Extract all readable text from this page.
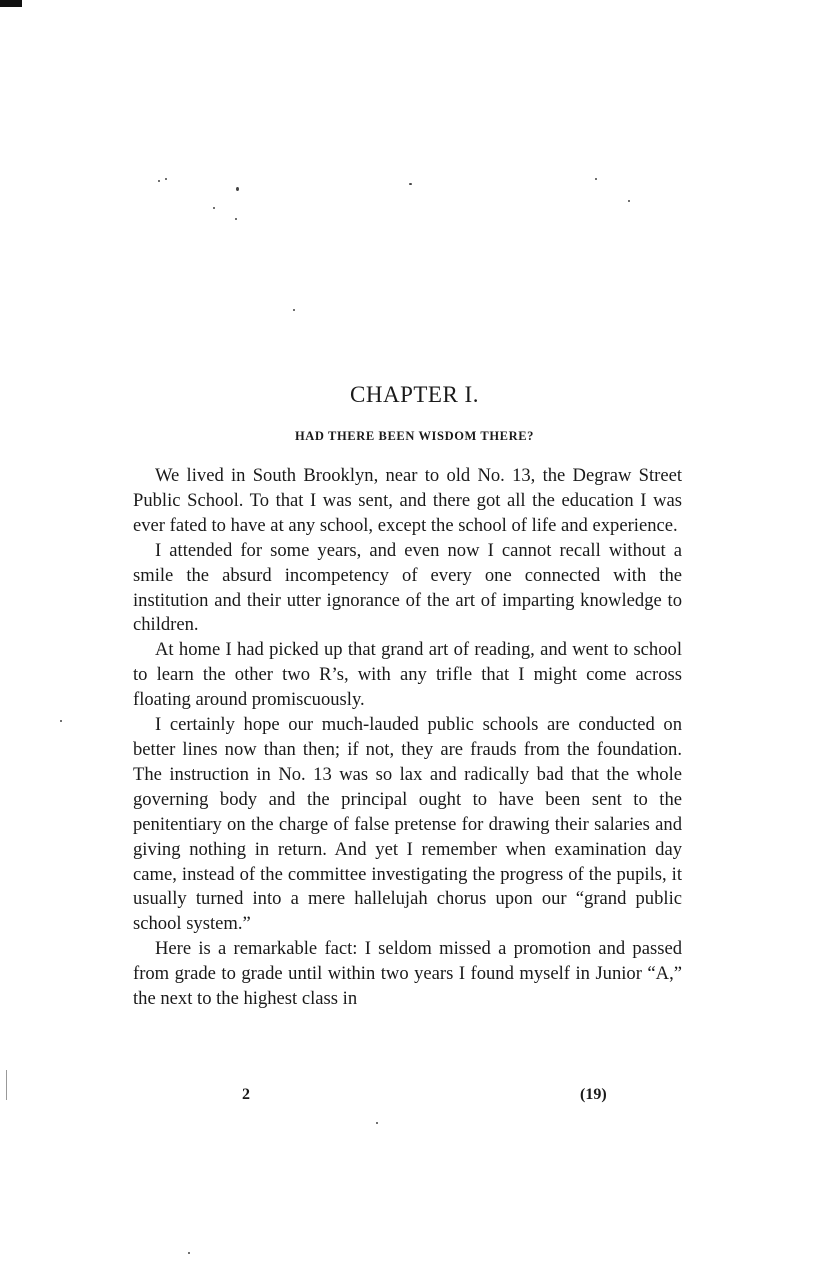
CHAPTER I.
HAD THERE BEEN WISDOM THERE?

We lived in South Brooklyn, near to old No. 13, the Degraw Street Public School. To that I was sent, and there got all the education I was ever fated to have at any school, except the school of life and experience.

I attended for some years, and even now I cannot recall without a smile the absurd incompetency of every one connected with the institution and their utter ignorance of the art of imparting knowledge to children.

At home I had picked up that grand art of reading, and went to school to learn the other two R’s, with any trifle that I might come across floating around promiscuously.

I certainly hope our much-lauded public schools are conducted on better lines now than then; if not, they are frauds from the foundation. The instruction in No. 13 was so lax and radically bad that the whole governing body and the principal ought to have been sent to the penitentiary on the charge of false pretense for drawing their salaries and giving nothing in return. And yet I remember when examination day came, instead of the committee investigating the progress of the pupils, it usually turned into a mere hallelujah chorus upon our “grand public school system.”

Here is a remarkable fact: I seldom missed a promotion and passed from grade to grade until within two years I found myself in Junior “A,” the next to the highest class in

2	(19)
